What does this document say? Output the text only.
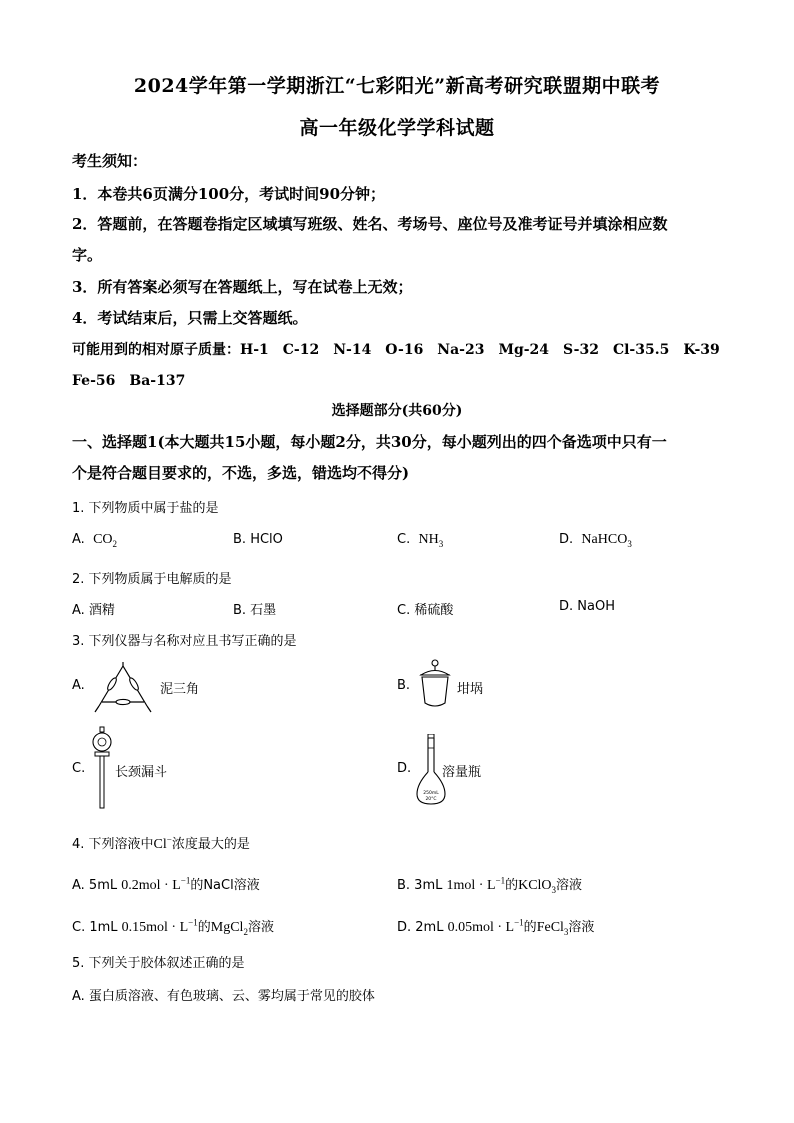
2024学年第一学期浙江“七彩阳光”新高考研究联盟期中联考
高一年级化学学科试题
考生须知：
1．本卷共6页满分100分，考试时间90分钟；
2．答题前，在答题卷指定区域填写班级、姓名、考场号、座位号及准考证号并填涂相应数
字。
3．所有答案必须写在答题纸上，写在试卷上无效；
4．考试结束后，只需上交答题纸。
可能用到的相对原子质量：H-1　C-12　N-14　O-16　Na-23　Mg-24　S-32　Cl-35.5　K-39
Fe-56　Ba-137
选择题部分(共60分)
一、选择题1(本大题共15小题，每小题2分，共30分，每小题列出的四个备选项中只有一
个是符合题目要求的，不选，多选，错选均不得分)
1. 下列物质中属于盐的是
A. $CO_2$	B. HClO	C. $NH_3$	D. NaHCO$_3$
2. 下列物质属于电解质的是
A. 酒精	B. 石墨	C. 稀硫酸	D. NaOH
3. 下列仪器与名称对应且书写正确的是
A.	泥三角	B.	坩埚
C. 长颈漏斗	D.
250mL
20°C
溶量瓶
4. 下列溶液中Cl−浓度最大的是
A. 5mL $0.2mol \cdot L^{-1}$的NaCl溶液	B. 3mL $1mol \cdot L^{-1}$的KClO$_3$溶液
C. 1mL $0.15mol \cdot L^{-1}$的MgCl$_2$溶液	D. 2mL $0.05mol \cdot L^{-1}$的FeCl$_3$溶液
5. 下列关于胶体叙述正确的是
A. 蛋白质溶液、有色玻璃、云、雾均属于常见的胶体
